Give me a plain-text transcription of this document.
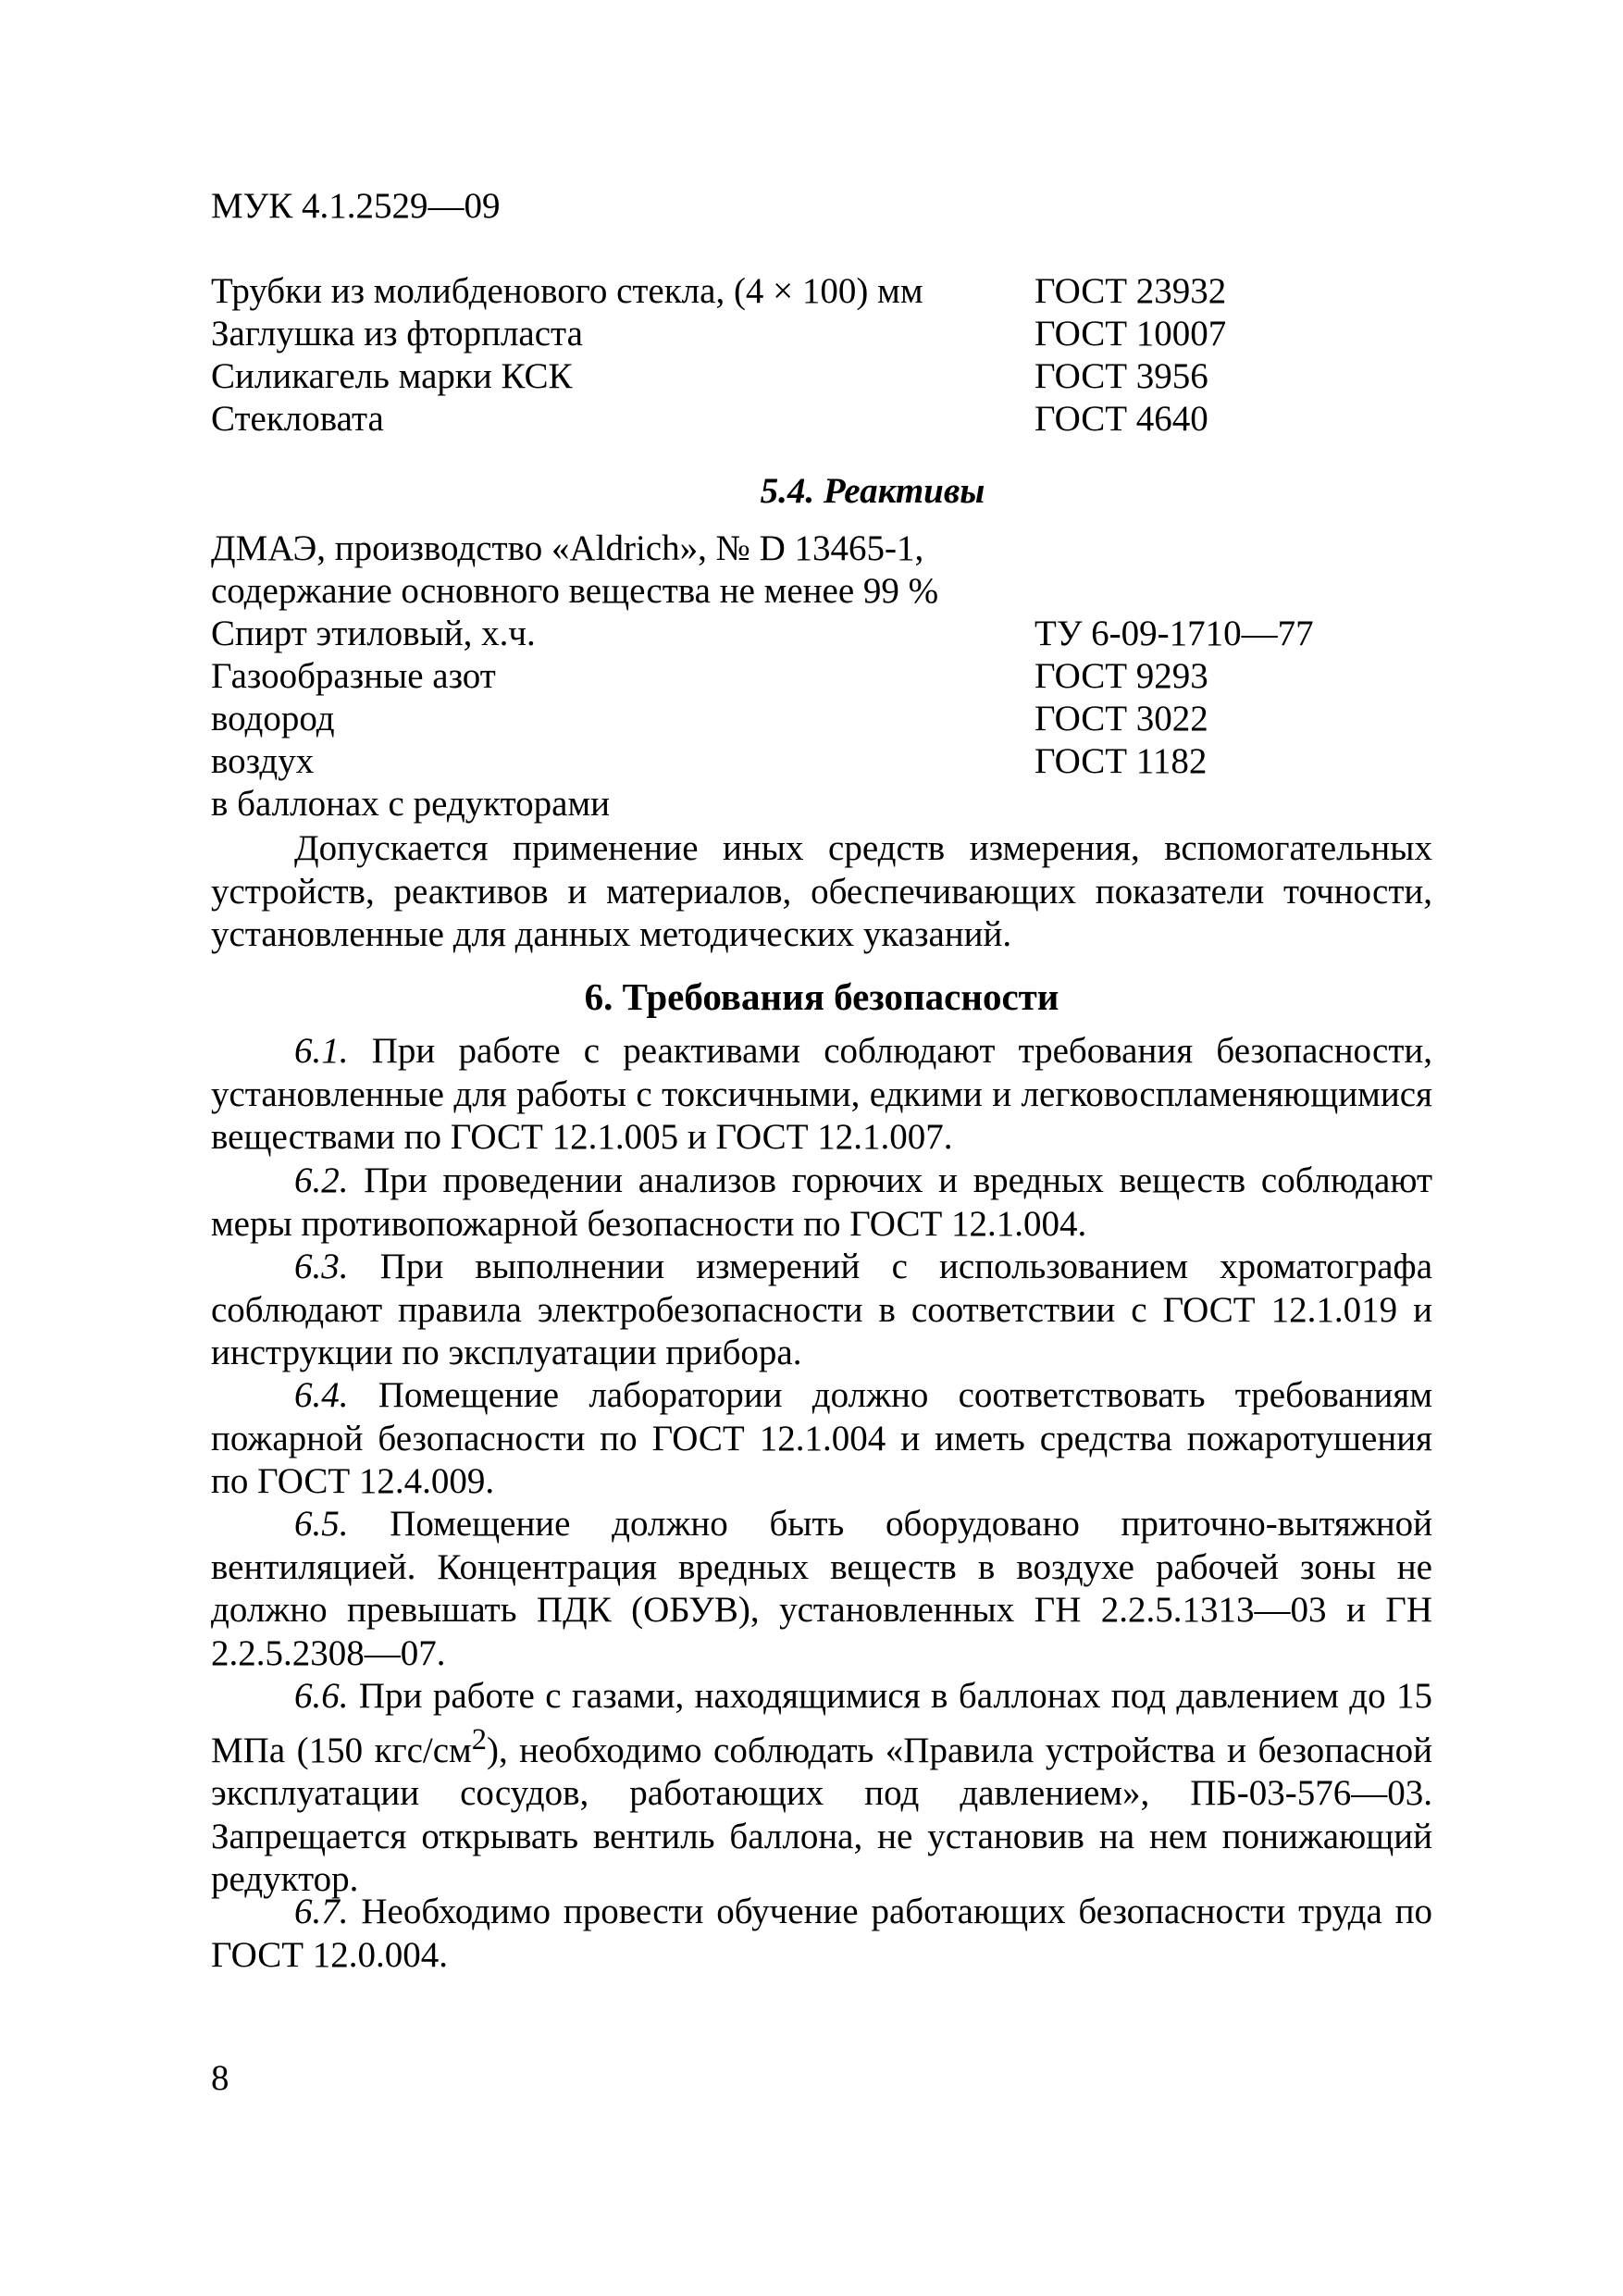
МУК 4.1.2529—09
Трубки из молибденового стекла, (4 × 100) мм	ГОСТ 23932
Заглушка из фторпласта	ГОСТ 10007
Силикагель марки КСК	ГОСТ 3956
Стекловата	ГОСТ 4640
5.4. Реактивы
ДМАЭ, производство «Aldrich», № D 13465-1,
содержание основного вещества не менее 99 %
Спирт этиловый, х.ч.	ТУ 6-09-1710—77
Газообразные азот	ГОСТ 9293
водород	ГОСТ 3022
воздух	ГОСТ 1182
в баллонах с редукторами

Допускается применение иных средств измерения, вспомогательных устройств, реактивов и материалов, обеспечивающих показатели точности, установленные для данных методических указаний.

6. Требования безопасности

6.1. При работе с реактивами соблюдают требования безопасности, установленные для работы с токсичными, едкими и легковоспламеняющимися веществами по ГОСТ 12.1.005 и ГОСТ 12.1.007.

6.2. При проведении анализов горючих и вредных веществ соблюдают меры противопожарной безопасности по ГОСТ 12.1.004.

6.3. При выполнении измерений с использованием хроматографа соблюдают правила электробезопасности в соответствии с ГОСТ 12.1.019 и инструкции по эксплуатации прибора.

6.4. Помещение лаборатории должно соответствовать требованиям пожарной безопасности по ГОСТ 12.1.004 и иметь средства пожаротушения по ГОСТ 12.4.009.

6.5. Помещение должно быть оборудовано приточно-вытяжной вентиляцией. Концентрация вредных веществ в воздухе рабочей зоны не должно превышать ПДК (ОБУВ), установленных ГН 2.2.5.1313—03 и ГН 2.2.5.2308—07.

6.6. При работе с газами, находящимися в баллонах под давлением до 15 МПа (150 кгс/$см^2$), необходимо соблюдать «Правила устройства и безопасной эксплуатации сосудов, работающих под давлением», ПБ-03-576—03. Запрещается открывать вентиль баллона, не установив на нем понижающий редуктор.

6.7. Необходимо провести обучение работающих безопасности труда по ГОСТ 12.0.004.

8
